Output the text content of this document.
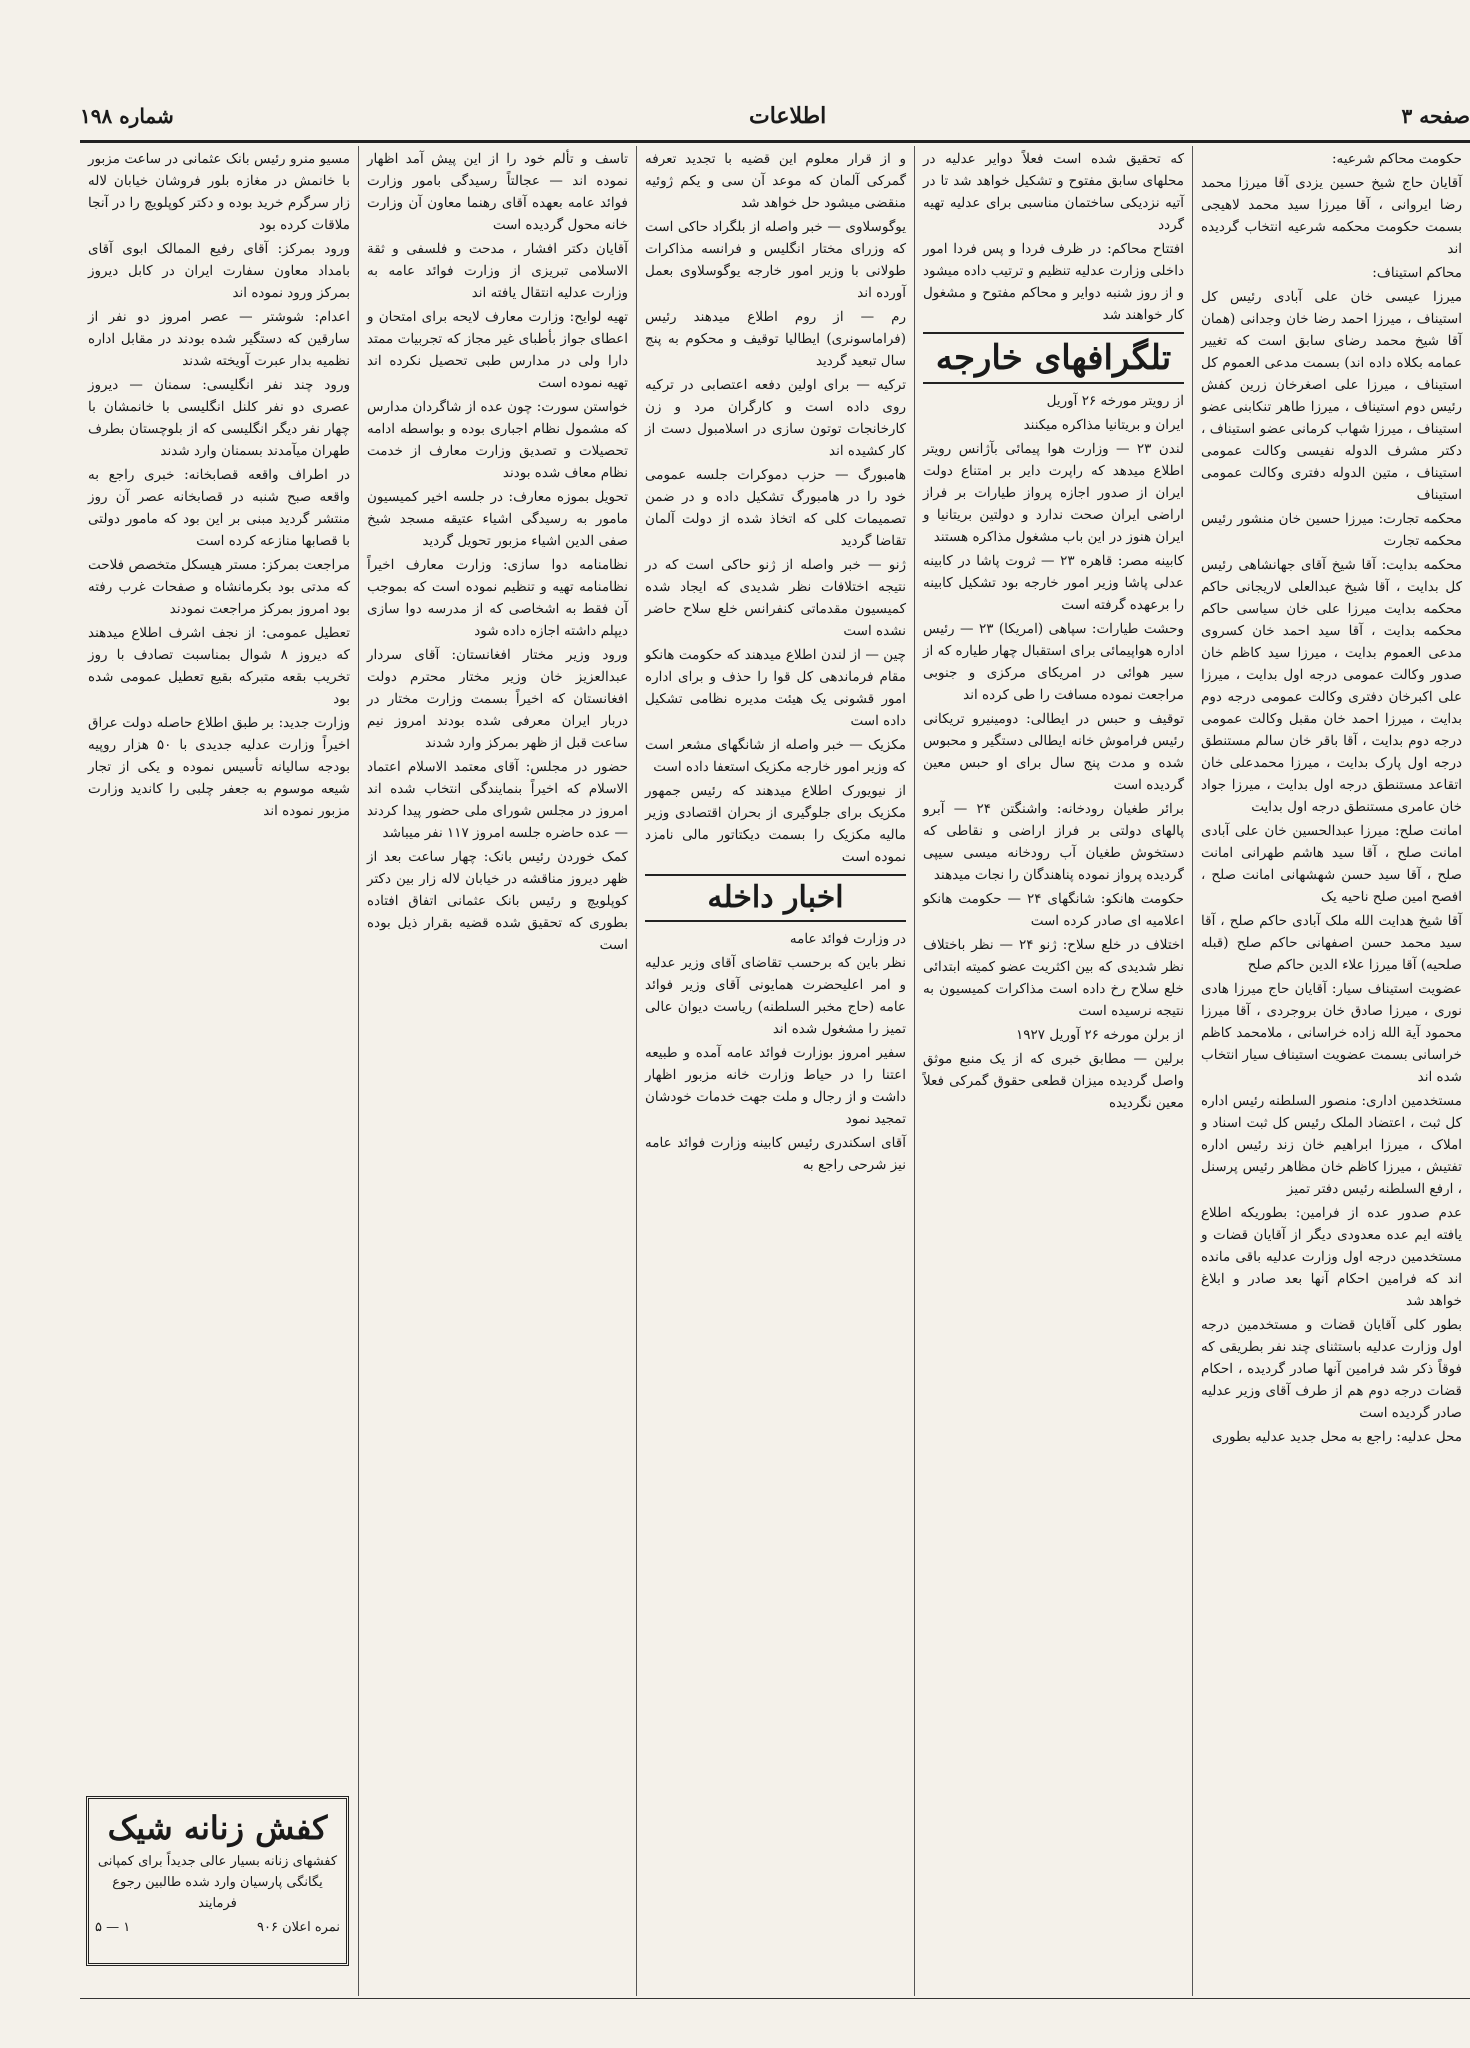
صفحه ۳
اطلاعات
شماره ۱۹۸

حکومت محاکم شرعیه:

آقایان حاج شیخ حسین یزدی آقا میرزا محمد رضا ایروانی ، آقا میرزا سید محمد لاهیجی بسمت حکومت محکمه شرعیه انتخاب گردیده اند

محاکم استیناف:

میرزا عیسی خان علی آبادی رئیس کل استیناف ، میرزا احمد رضا خان وجدانی (همان آقا شیخ محمد رضای سابق است که تغییر عمامه بکلاه داده اند) بسمت مدعی العموم کل استیناف ، میرزا علی اصغرخان زرین کفش رئیس دوم استیناف ، میرزا طاهر تنکابنی عضو استیناف ، میرزا شهاب کرمانی عضو استیناف ، دکتر مشرف الدوله نفیسی وکالت عمومی استیناف ، متین الدوله دفتری وکالت عمومی استیناف

محکمه تجارت: میرزا حسین خان منشور رئیس محکمه تجارت

محکمه بدایت: آقا شیخ آقای جهانشاهی رئیس کل بدایت ، آقا شیخ عبدالعلی لاریجانی حاکم محکمه بدایت میرزا علی خان سیاسی حاکم محکمه بدایت ، آقا سید احمد خان کسروی مدعی العموم بدایت ، میرزا سید کاظم خان صدور وکالت عمومی درجه اول بدایت ، میرزا علی اکبرخان دفتری وکالت عمومی درجه دوم بدایت ، میرزا احمد خان مقبل وکالت عمومی درجه دوم بدایت ، آقا باقر خان سالم مستنطق درجه اول پارک بدایت ، میرزا محمدعلی خان اتقاعد مستنطق درجه اول بدایت ، میرزا جواد خان عامری مستنطق درجه اول بدایت

امانت صلح: میرزا عبدالحسین خان علی آبادی امانت صلح ، آقا سید هاشم طهرانی امانت صلح ، آقا سید حسن شهشهانی امانت صلح ، افصح امین صلح ناحیه یک

آقا شیخ هدایت الله ملک آبادی حاکم صلح ، آقا سید محمد حسن اصفهانی حاکم صلح (قبله صلحیه) آقا میرزا علاء الدین حاکم صلح

عضویت استیناف سیار: آقایان حاج میرزا هادی نوری ، میرزا صادق خان بروجردی ، آقا میرزا محمود آیة الله زاده خراسانی ، ملامحمد کاظم خراسانی بسمت عضویت استیناف سیار انتخاب شده اند

مستخدمین اداری: منصور السلطنه رئیس اداره کل ثبت ، اعتضاد الملک رئیس کل ثبت اسناد و املاک ، میرزا ابراهیم خان زند رئیس اداره تفتیش ، میرزا کاظم خان مظاهر رئیس پرسنل ، ارفع السلطنه رئیس دفتر تمیز

عدم صدور عده از فرامین: بطوریکه اطلاع یافته ایم عده معدودی دیگر از آقایان قضات و مستخدمین درجه اول وزارت عدلیه باقی مانده اند که فرامین احکام آنها بعد صادر و ابلاغ خواهد شد

بطور کلی آقایان قضات و مستخدمین درجه اول وزارت عدلیه باستثنای چند نفر بطریقی که فوقاً ذکر شد فرامین آنها صادر گردیده ، احکام قضات درجه دوم هم از طرف آقای وزیر عدلیه صادر گردیده است

محل عدلیه: راجع به محل جدید عدلیه بطوری

که تحقیق شده است فعلاً دوایر عدلیه در محلهای سابق مفتوح و تشکیل خواهد شد تا در آتیه نزدیکی ساختمان مناسبی برای عدلیه تهیه گردد

افتتاح محاکم: در ظرف فردا و پس فردا امور داخلی وزارت عدلیه تنظیم و ترتیب داده میشود و از روز شنبه دوایر و محاکم مفتوح و مشغول کار خواهند شد

تلگرافهای خارجه

از رویتر مورخه ۲۶ آوریل

ایران و بریتانیا مذاکره میکنند

لندن ۲۳ — وزارت هوا پیمائی بآژانس رویتر اطلاع میدهد که راپرت دایر بر امتناع دولت ایران از صدور اجازه پرواز طیارات بر فراز اراضی ایران صحت ندارد و دولتین بریتانیا و ایران هنوز در این باب مشغول مذاکره هستند

کابینه مصر: قاهره ۲۳ — ثروت پاشا در کابینه عدلی پاشا وزیر امور خارجه بود تشکیل کابینه را برعهده گرفته است

وحشت طیارات: سپاهی (امریکا) ۲۳ — رئیس اداره هواپیمائی برای استقبال چهار طیاره که از سیر هوائی در امریکای مرکزی و جنوبی مراجعت نموده مسافت را طی کرده اند

توقیف و حبس در ایطالی: دومینیرو تریکانی رئیس فراموش خانه ایطالی دستگیر و محبوس شده و مدت پنج سال برای او حبس معین گردیده است

برائر طغیان رودخانه: واشنگتن ۲۴ — آبرو پالهای دولتی بر فراز اراضی و نقاطی که دستخوش طغیان آب رودخانه میسی سیپی گردیده پرواز نموده پناهندگان را نجات میدهند

حکومت هانکو: شانگهای ۲۴ — حکومت هانکو اعلامیه ای صادر کرده است

اختلاف در خلع سلاح: ژنو ۲۴ — نظر باختلاف نظر شدیدی که بین اکثریت عضو کمیته ابتدائی خلع سلاح رخ داده است مذاکرات کمیسیون به نتیجه نرسیده است

از برلن مورخه ۲۶ آوریل ۱۹۲۷

برلین — مطابق خبری که از یک منبع موثق واصل گردیده میزان قطعی حقوق گمرکی فعلاً معین نگردیده

و از قرار معلوم این قضیه با تجدید تعرفه گمرکی آلمان که موعد آن سی و یکم ژوئیه منقضی میشود حل خواهد شد

یوگوسلاوی — خبر واصله از بلگراد حاکی است که وزرای مختار انگلیس و فرانسه مذاکرات طولانی با وزیر امور خارجه یوگوسلاوی بعمل آورده اند

رم — از روم اطلاع میدهند رئیس (فراماسونری) ایطالیا توقیف و محکوم به پنج سال تبعید گردید

ترکیه — برای اولین دفعه اعتصابی در ترکیه روی داده است و کارگران مرد و زن کارخانجات توتون سازی در اسلامبول دست از کار کشیده اند

هامبورگ — حزب دموکرات جلسه عمومی خود را در هامبورگ تشکیل داده و در ضمن تصمیمات کلی که اتخاذ شده از دولت آلمان تقاضا گردید

ژنو — خبر واصله از ژنو حاکی است که در نتیجه اختلافات نظر شدیدی که ایجاد شده کمیسیون مقدماتی کنفرانس خلع سلاح حاضر نشده است

چین — از لندن اطلاع میدهند که حکومت هانکو مقام فرماندهی کل قوا را حذف و برای اداره امور قشونی یک هیئت مدیره نظامی تشکیل داده است

مکزیک — خبر واصله از شانگهای مشعر است که وزیر امور خارجه مکزیک استعفا داده است

از نیویورک اطلاع میدهند که رئیس جمهور مکزیک برای جلوگیری از بحران اقتصادی وزیر مالیه مکزیک را بسمت دیکتاتور مالی نامزد نموده است

اخبار داخله

در وزارت فوائد عامه

نظر باین که برحسب تقاضای آقای وزیر عدلیه و امر اعلیحضرت همایونی آقای وزیر فوائد عامه (حاج مخبر السلطنه) ریاست دیوان عالی تمیز را مشغول شده اند

سفیر امروز بوزارت فوائد عامه آمده و طبیعه اعتنا را در حیاط وزارت خانه مزبور اظهار داشت و از رجال و ملت جهت خدمات خودشان تمجید نمود

آقای اسکندری رئیس کابینه وزارت فوائد عامه نیز شرحی راجع به

تاسف و تألم خود را از این پیش آمد اظهار نموده اند — عجالتاً رسیدگی بامور وزارت فوائد عامه بعهده آقای رهنما معاون آن وزارت خانه محول گردیده است

آقایان دکتر افشار ، مدحت و فلسفی و ثقة الاسلامی تبریزی از وزارت فوائد عامه به وزارت عدلیه انتقال یافته اند

تهیه لوایح: وزارت معارف لایحه برای امتحان و اعطای جواز بأطبای غیر مجاز که تجربیات ممتد دارا ولی در مدارس طبی تحصیل نکرده اند تهیه نموده است

خواستن سورت: چون عده از شاگردان مدارس که مشمول نظام اجباری بوده و بواسطه ادامه تحصیلات و تصدیق وزارت معارف از خدمت نظام معاف شده بودند

تحویل بموزه معارف: در جلسه اخیر کمیسیون مامور به رسیدگی اشیاء عتیقه مسجد شیخ صفی الدین اشیاء مزبور تحویل گردید

نظامنامه دوا سازی: وزارت معارف اخیراً نظامنامه تهیه و تنظیم نموده است که بموجب آن فقط به اشخاصی که از مدرسه دوا سازی دیپلم داشته اجازه داده شود

ورود وزیر مختار افغانستان: آقای سردار عبدالعزیز خان وزیر مختار محترم دولت افغانستان که اخیراً بسمت وزارت مختار در دربار ایران معرفی شده بودند امروز نیم ساعت قبل از ظهر بمرکز وارد شدند

حضور در مجلس: آقای معتمد الاسلام اعتماد الاسلام که اخیراً بنمایندگی انتخاب شده اند امروز در مجلس شورای ملی حضور پیدا کردند — عده حاضره جلسه امروز ۱۱۷ نفر میباشد

کمک خوردن رئیس بانک: چهار ساعت بعد از ظهر دیروز مناقشه در خیابان لاله زار بین دکتر کوپلویچ و رئیس بانک عثمانی اتفاق افتاده بطوری که تحقیق شده قضیه بقرار ذیل بوده است

مسیو منرو رئیس بانک عثمانی در ساعت مزبور با خانمش در مغازه بلور فروشان خیابان لاله زار سرگرم خرید بوده و دکتر کوپلویچ را در آنجا ملاقات کرده بود

ورود بمرکز: آقای رفیع الممالک ابوی آقای بامداد معاون سفارت ایران در کابل دیروز بمرکز ورود نموده اند

اعدام: شوشتر — عصر امروز دو نفر از سارقین که دستگیر شده بودند در مقابل اداره نظمیه بدار عبرت آویخته شدند

ورود چند نفر انگلیسی: سمنان — دیروز عصری دو نفر کلنل انگلیسی با خانمشان با چهار نفر دیگر انگلیسی که از بلوچستان بطرف طهران میآمدند بسمنان وارد شدند

در اطراف واقعه قصابخانه: خبری راجع به واقعه صبح شنبه در قصابخانه عصر آن روز منتشر گردید مبنی بر این بود که مامور دولتی با قصابها منازعه کرده است

مراجعت بمرکز: مستر هیسکل متخصص فلاحت که مدتی بود بکرمانشاه و صفحات غرب رفته بود امروز بمرکز مراجعت نمودند

تعطیل عمومی: از نجف اشرف اطلاع میدهند که دیروز ۸ شوال بمناسبت تصادف با روز تخریب بقعه متبرکه بقیع تعطیل عمومی شده بود

وزارت جدید: بر طبق اطلاع حاصله دولت عراق اخیراً وزارت عدلیه جدیدی با ۵۰ هزار روپیه بودجه سالیانه تأسیس نموده و یکی از تجار شیعه موسوم به جعفر چلبی را کاندید وزارت مزبور نموده اند

کفش زنانه شیک
کفشهای زنانه بسیار عالی جدیداً برای کمپانی یگانگی پارسیان وارد شده طالبین رجوع فرمایند
نمره اعلان ۹۰۶
۱ — ۵
